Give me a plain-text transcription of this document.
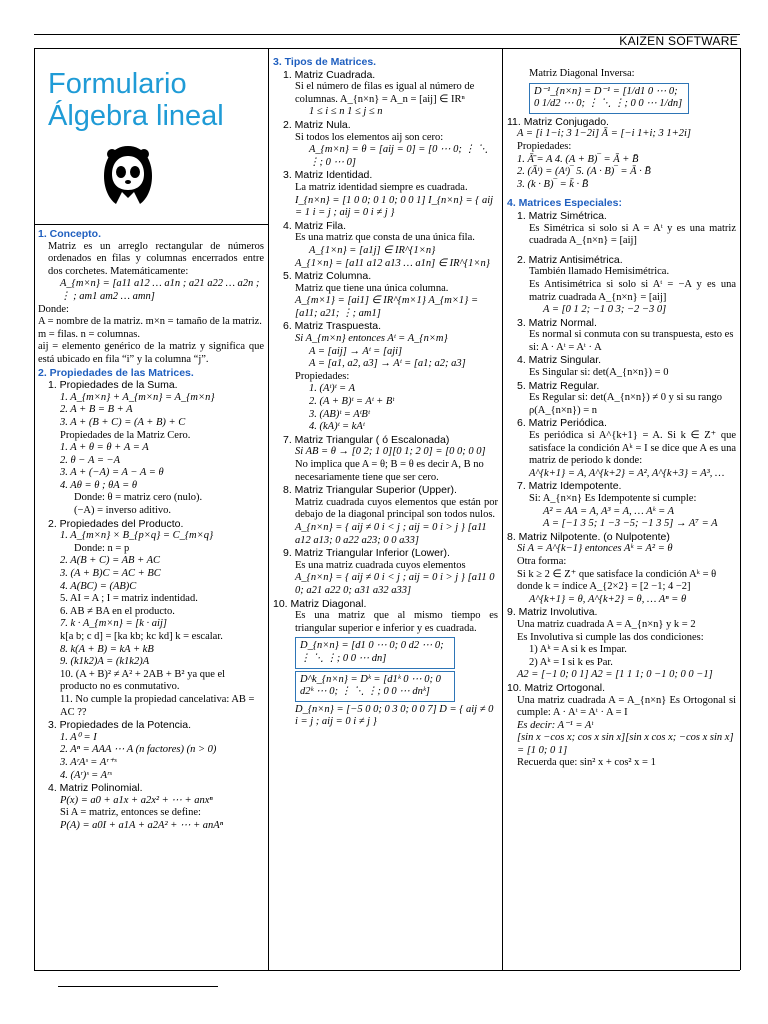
KAIZEN SOFTWARE
Formulario
Álgebra lineal
1. Concepto.
Matriz es un arreglo rectangular de números ordenados en filas y columnas encerrados entre dos corchetes. Matemáticamente:
A_{m×n} = [a11 a12 … a1n ; a21 a22 … a2n ; ⋮ ; am1 am2 … amn]
Donde:
A = nombre de la matriz. m×n = tamaño de la matriz.
m = filas. n = columnas.
aij = elemento genérico de la matriz y significa que está ubicado en fila “i” y la columna “j”.
2. Propiedades de las Matrices.
1. Propiedades de la Suma.
1. A_{m×n} + A_{m×n} = A_{m×n}
2. A + B = B + A
3. A + (B + C) = (A + B) + C
Propiedades de la Matriz Cero.
1. A + θ = θ + A = A
2. θ − A = −A
3. A + (−A) = A − A = θ
4. Aθ = θ ; θA = θ
Donde: θ = matriz cero (nulo).
(−A) = inverso aditivo.
2. Propiedades del Producto.
1. A_{m×n} × B_{p×q} = C_{m×q}
Donde: n = p
2. A(B + C) = AB + AC
3. (A + B)C = AC + BC
4. A(BC) = (AB)C
5. AI = A ; I = matriz indentidad.
6. AB ≠ BA en el producto.
7. k · A_{m×n} = [k · aij]
k[a b; c d] = [ka kb; kc kd] k = escalar.
8. k(A + B) = kA + kB
9. (k1k2)A = (k1k2)A
10. (A + B)² ≠ A² + 2AB + B² ya que el producto no es conmutativo.
11. No cumple la propiedad cancelativa: AB = AC ??
3. Propiedades de la Potencia.
1. A⁰ = I
2. Aⁿ = AAA ⋯ A (n factores) (n > 0)
3. AʳAˢ = Aʳ⁺ˢ
4. (Aʳ)ˢ = Aʳˢ
4. Matriz Polinomial.
P(x) = a0 + a1x + a2x² + ⋯ + anxⁿ
Si A = matriz, entonces se define:
P(A) = a0I + a1A + a2A² + ⋯ + anAⁿ
3. Tipos de Matrices.
1. Matriz Cuadrada.
Si el número de filas es igual al número de columnas. A_{n×n} = A_n = [aij] ∈ IRⁿ
1 ≤ i ≤ n 1 ≤ j ≤ n
2. Matriz Nula.
Si todos los elementos aij son cero:
A_{m×n} = θ = [aij = 0] = [0 ⋯ 0; ⋮ ⋱ ⋮; 0 ⋯ 0]
3. Matriz Identidad.
La matriz identidad siempre es cuadrada.
I_{n×n} = [1 0 0; 0 1 0; 0 0 1] I_{n×n} = { aij = 1 i = j ; aij = 0 i ≠ j }
4. Matriz Fila.
Es una matriz que consta de una única fila.
A_{1×n} = [a1j] ∈ IR^{1×n}
A_{1×n} = [a11 a12 a13 … a1n] ∈ IR^{1×n}
5. Matriz Columna.
Matriz que tiene una única columna.
A_{m×1} = [ai1] ∈ IR^{m×1} A_{m×1} = [a11; a21; ⋮; am1]
6. Matriz Traspuesta.
Si A_{m×n} entonces Aᵗ = A_{n×m}
A = [aij] → Aᵗ = [aji]
A = [a1, a2, a3] → Aᵗ = [a1; a2; a3]
Propiedades:
1. (Aᵗ)ᵗ = A
2. (A + B)ᵗ = Aᵗ + Bᵗ
3. (AB)ᵗ = AᵗBᵗ
4. (kA)ᵗ = kAᵗ
7. Matriz Triangular ( ó Escalonada)
Si AB = θ → [0 2; 1 0][0 1; 2 0] = [0 0; 0 0]
No implica que A = θ; B = θ es decir A, B no necesariamente tiene que ser cero.
8. Matriz Triangular Superior (Upper).
Matriz cuadrada cuyos elementos que están por debajo de la diagonal principal son todos nulos.
A_{n×n} = { aij ≠ 0 i < j ; aij = 0 i > j } [a11 a12 a13; 0 a22 a23; 0 0 a33]
9. Matriz Triangular Inferior (Lower).
Es una matriz cuadrada cuyos elementos
A_{n×n} = { aij ≠ 0 i < j ; aij = 0 i > j } [a11 0 0; a21 a22 0; a31 a32 a33]
10. Matriz Diagonal.
Es una matriz que al mismo tiempo es triangular superior e inferior y es cuadrada.
D_{n×n} = [d1 0 ⋯ 0; 0 d2 ⋯ 0; ⋮ ⋱ ⋮; 0 0 ⋯ dn]
D^k_{n×n} = Dᵏ = [d1ᵏ 0 ⋯ 0; 0 d2ᵏ ⋯ 0; ⋮ ⋱ ⋮; 0 0 ⋯ dnᵏ]
D_{n×n} = [−5 0 0; 0 3 0; 0 0 7] D = { aij ≠ 0 i = j ; aij = 0 i ≠ j }
Matriz Diagonal Inversa:
D⁻¹_{n×n} = D⁻¹ = [1/d1 0 ⋯ 0; 0 1/d2 ⋯ 0; ⋮ ⋱ ⋮; 0 0 ⋯ 1/dn]
11. Matriz Conjugado.
A = [i 1−i; 3 1−2i] Ā = [−i 1+i; 3 1+2i]
Propiedades:
1. Ā̄ = A 4. (A + B)‾ = Ā + B̄
2. (Āᵗ) = (Aᵗ)‾ 5. (A · B)‾ = Ā · B̄
3. (k · B)‾ = k̄ · B̄
4. Matrices Especiales:
1. Matriz Simétrica.
Es Simétrica si solo si A = Aᵗ y es una matriz cuadrada A_{n×n} = [aij]
2. Matriz Antisimétrica.
También llamado Hemisimétrica.
Es Antisimétrica si solo si Aᵗ = −A y es una matriz cuadrada A_{n×n} = [aij]
A = [0 1 2; −1 0 3; −2 −3 0]
3. Matriz Normal.
Es normal si conmuta con su transpuesta, esto es si: A · Aᵗ = Aᵗ · A
4. Matriz Singular.
Es Singular si: det(A_{n×n}) = 0
5. Matriz Regular.
Es Regular si: det(A_{n×n}) ≠ 0 y si su rango ρ(A_{n×n}) = n
6. Matriz Periódica.
Es periódica si A^{k+1} = A. Si k ∈ Z⁺ que satisface la condición Aᵏ = I se dice que A es una matriz de periodo k donde:
A^{k+1} = A, A^{k+2} = A², A^{k+3} = A³, …
7. Matriz Idempotente.
Si: A_{n×n} Es Idempotente si cumple:
A² = AA = A, A³ = A, … Aᵏ = A
A = [−1 3 5; 1 −3 −5; −1 3 5] → A⁷ = A
8. Matriz Nilpotente. (o Nulpotente)
Si A = A^{k−1} entonces Aᵏ = A² = θ
Otra forma:
Si k ≥ 2 ∈ Z⁺ que satisface la condición Aᵏ = θ donde k = índice A_{2×2} = [2 −1; 4 −2]
A^{k+1} = θ, A^{k+2} = θ, … Aⁿ = θ
9. Matriz Involutiva.
Una matriz cuadrada A = A_{n×n} y k = 2
Es Involutiva si cumple las dos condiciones:
1) Aᵏ = A si k es Impar.
2) Aᵏ = I si k es Par.
A2 = [−1 0; 0 1] A2 = [1 1 1; 0 −1 0; 0 0 −1]
10. Matriz Ortogonal.
Una matriz cuadrada A = A_{n×n} Es Ortogonal si cumple: A · Aᵗ = Aᵗ · A = I
Es decir: A⁻¹ = Aᵗ
[sin x −cos x; cos x sin x][sin x cos x; −cos x sin x] = [1 0; 0 1]
Recuerda que: sin² x + cos² x = 1
